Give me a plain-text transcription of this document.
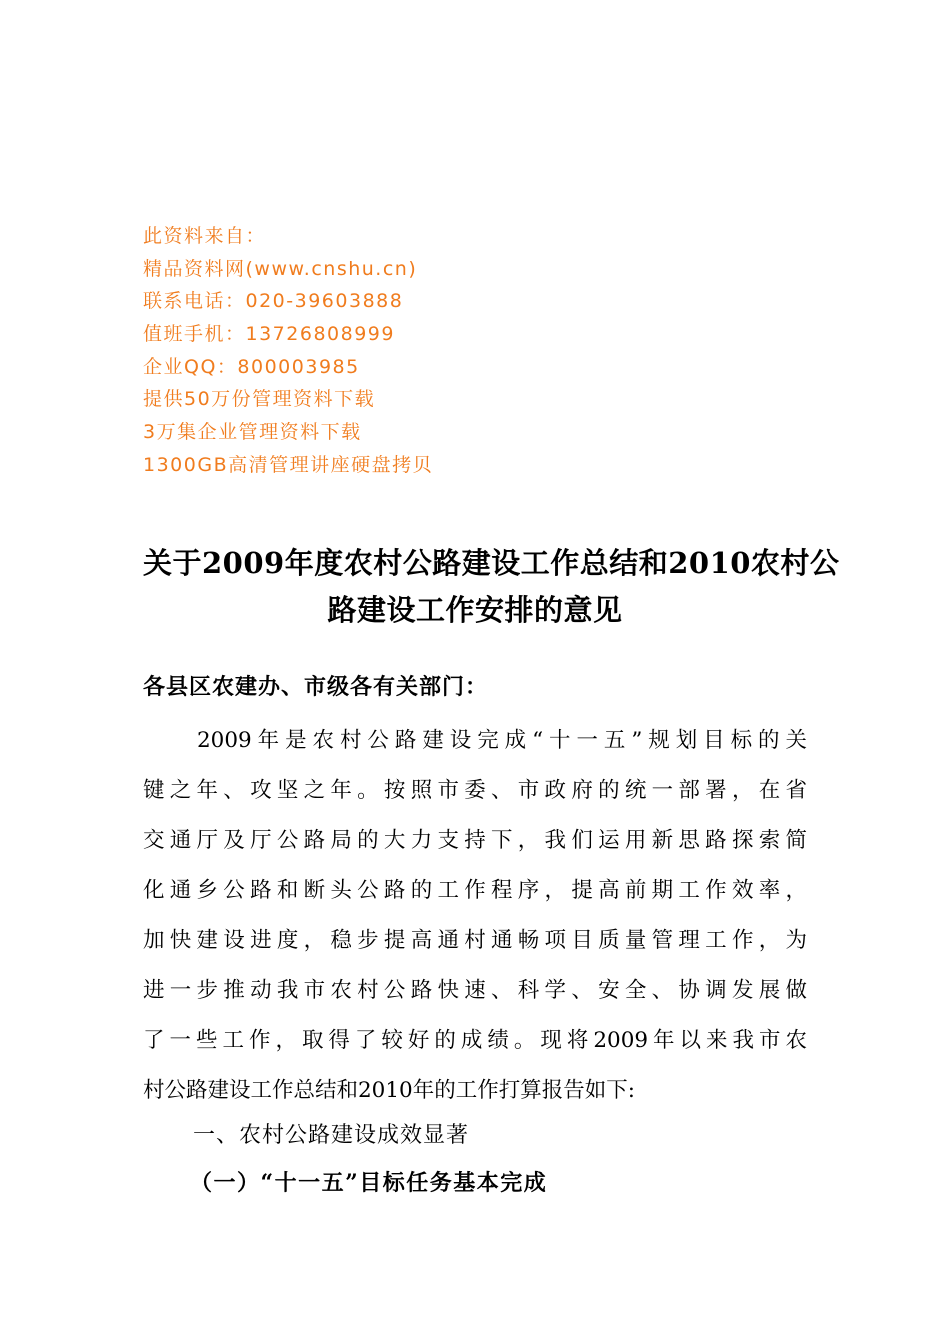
此资料来自：
精品资料网(www.cnshu.cn)
联系电话：020-39603888
值班手机：13726808999
企业QQ：800003985
提供50万份管理资料下载
3万集企业管理资料下载
1300GB高清管理讲座硬盘拷贝
关于2009年度农村公路建设工作总结和2010农村公
路建设工作安排的意见
各县区农建办、市级各有关部门：
2009年是农村公路建设完成“十一五”规划目标的关
键之年、攻坚之年。按照市委、市政府的统一部署，在省
交通厅及厅公路局的大力支持下，我们运用新思路探索简
化通乡公路和断头公路的工作程序，提高前期工作效率，
加快建设进度，稳步提高通村通畅项目质量管理工作，为
进一步推动我市农村公路快速、科学、安全、协调发展做
了一些工作，取得了较好的成绩。现将2009年以来我市农
村公路建设工作总结和2010年的工作打算报告如下:
一、农村公路建设成效显著
（一）“十一五”目标任务基本完成
